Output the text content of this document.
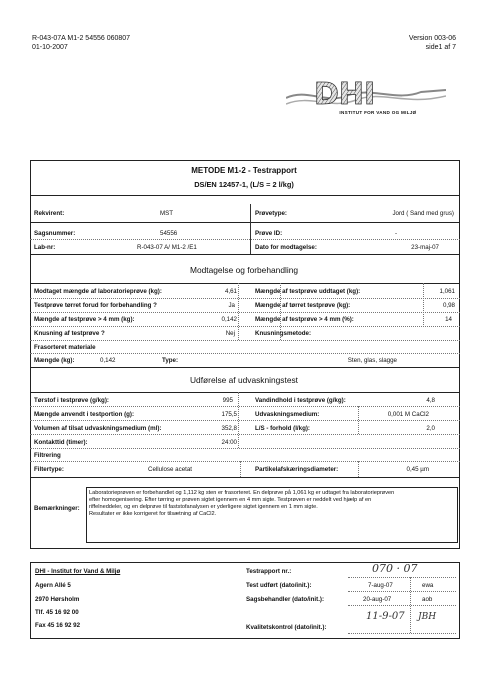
R-043-07A M1-2 54556 060807
01-10-2007
Version 003-06
side1 af 7
DHI
INSTITUT FOR VAND OG MILJØ
METODE M1-2 - Testrapport
DS/EN 12457-1, (L/S = 2 l/kg)
Rekvirent:	MST	Prøvetype:	Jord ( Sand med grus)
Sagsnummer:	54556	Prøve ID:	-
Lab-nr:	R-043-07 A/ M1-2 /E1	Dato for modtagelse:	23-maj-07
Modtagelse og forbehandling
Modtaget mængde af laboratorieprøve (kg):	4,61	Mængde af testprøve uddtaget (kg):	1,061
Testprøve tørret forud for forbehandling ?	Ja	Mængde af tørret testprøve (kg):	0,98
Mængde af testprøve > 4 mm (kg):	0,142	Mængde af testprøve > 4 mm (%):	14
Knusning af testprøve ?	Nej	Knusningsmetode:
Frasorteret materiale
Mængde (kg):	0,142	Type:	Sten, glas, slagge
Udførelse af udvaskningstest
Tørstof i testprøve (g/kg):	995	Vandindhold i testprøve (g/kg):	4,8
Mængde anvendt i testportion (g):	175,5	Udvaskningsmedium:	0,001 M CaCl2
Volumen af tilsat udvaskningsmedium (ml):	352,8	L/S - forhold (l/kg):	2,0
Kontakttid (timer):	24:00
Filtrering
Filtertype:	Cellulose acetat	Partikelafskæringsdiameter:	0,45 µm
Bemærkninger:
Laboratorieprøven er forbehandlet og 1,112 kg sten er frasorteret. En delprøve på 1,061 kg er udtaget fra laboratorieprøven
efter homogenisering. Efter tørring er prøven sigtet igennem en 4 mm sigte. Testprøven er neddelt ved hjælp af en
riffelneddeler, og en delprøve til faststofanalysen er yderligere sigtet igennem en 1 mm sigte.
Resultater er ikke korrigeret for tilsætning af CaCl2.
DHI - Institut for Vand & Miljø
Agern Allé 5
2970 Hørsholm
Tlf. 45 16 92 00
Fax 45 16 92 92
Testrapport nr.:	070 · 07
Test udført (dato/init.):	7-aug-07	ewa
Sagsbehandler (dato/init.):	20-aug-07	aob
Kvalitetskontrol (dato/init.):
11-9-07 JBH
